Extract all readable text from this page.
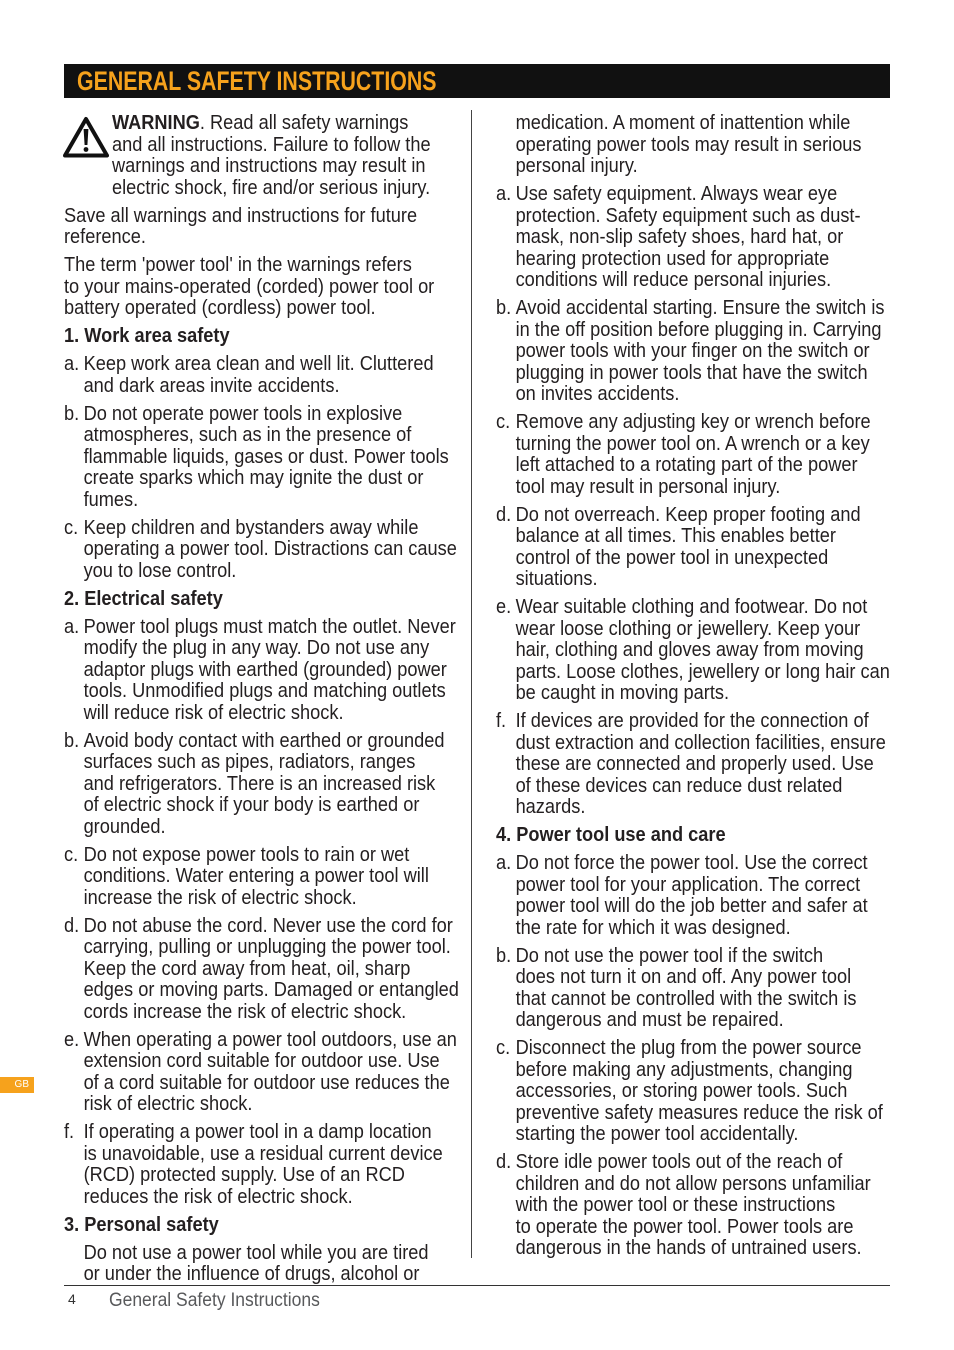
GENERAL SAFETY INSTRUCTIONS
WARNING. Read all safety warnings
and all instructions. Failure to follow the
warnings and instructions may result in
electric shock, fire and/or serious injury.
Save all warnings and instructions for future
reference.
The term 'power tool' in the warnings refers
to your mains-operated (corded) power tool or
battery operated (cordless) power tool.
1. Work area safety
a. Keep work area clean and well lit. Cluttered
and dark areas invite accidents.
b. Do not operate power tools in explosive
atmospheres, such as in the presence of
flammable liquids, gases or dust. Power tools
create sparks which may ignite the dust or
fumes.
c. Keep children and bystanders away while
operating a power tool. Distractions can cause
you to lose control.
2. Electrical safety
a. Power tool plugs must match the outlet. Never
modify the plug in any way. Do not use any
adaptor plugs with earthed (grounded) power
tools. Unmodified plugs and matching outlets
will reduce risk of electric shock.
b. Avoid body contact with earthed or grounded
surfaces such as pipes, radiators, ranges
and refrigerators. There is an increased risk
of electric shock if your body is earthed or
grounded.
c. Do not expose power tools to rain or wet
conditions. Water entering a power tool will
increase the risk of electric shock.
d. Do not abuse the cord. Never use the cord for
carrying, pulling or unplugging the power tool.
Keep the cord away from heat, oil, sharp
edges or moving parts. Damaged or entangled
cords increase the risk of electric shock.
e. When operating a power tool outdoors, use an
extension cord suitable for outdoor use. Use
of a cord suitable for outdoor use reduces the
risk of electric shock.
f. If operating a power tool in a damp location
is unavoidable, use a residual current device
(RCD) protected supply. Use of an RCD
reduces the risk of electric shock.
3. Personal safety
Do not use a power tool while you are tired
or under the influence of drugs, alcohol or
medication. A moment of inattention while
operating power tools may result in serious
personal injury.
a. Use safety equipment. Always wear eye
protection. Safety equipment such as dust-
mask, non-slip safety shoes, hard hat, or
hearing protection used for appropriate
conditions will reduce personal injuries.
b. Avoid accidental starting. Ensure the switch is
in the off position before plugging in. Carrying
power tools with your finger on the switch or
plugging in power tools that have the switch
on invites accidents.
c. Remove any adjusting key or wrench before
turning the power tool on. A wrench or a key
left attached to a rotating part of the power
tool may result in personal injury.
d. Do not overreach. Keep proper footing and
balance at all times. This enables better
control of the power tool in unexpected
situations.
e. Wear suitable clothing and footwear. Do not
wear loose clothing or jewellery. Keep your
hair, clothing and gloves away from moving
parts. Loose clothes, jewellery or long hair can
be caught in moving parts.
f. If devices are provided for the connection of
dust extraction and collection facilities, ensure
these are connected and properly used. Use
of these devices can reduce dust related
hazards.
4. Power tool use and care
a. Do not force the power tool. Use the correct
power tool for your application. The correct
power tool will do the job better and safer at
the rate for which it was designed.
b. Do not use the power tool if the switch
does not turn it on and off. Any power tool
that cannot be controlled with the switch is
dangerous and must be repaired.
c. Disconnect the plug from the power source
before making any adjustments, changing
accessories, or storing power tools. Such
preventive safety measures reduce the risk of
starting the power tool accidentally.
d. Store idle power tools out of the reach of
children and do not allow persons unfamiliar
with the power tool or these instructions
to operate the power tool. Power tools are
dangerous in the hands of untrained users.
GB
4 General Safety Instructions
